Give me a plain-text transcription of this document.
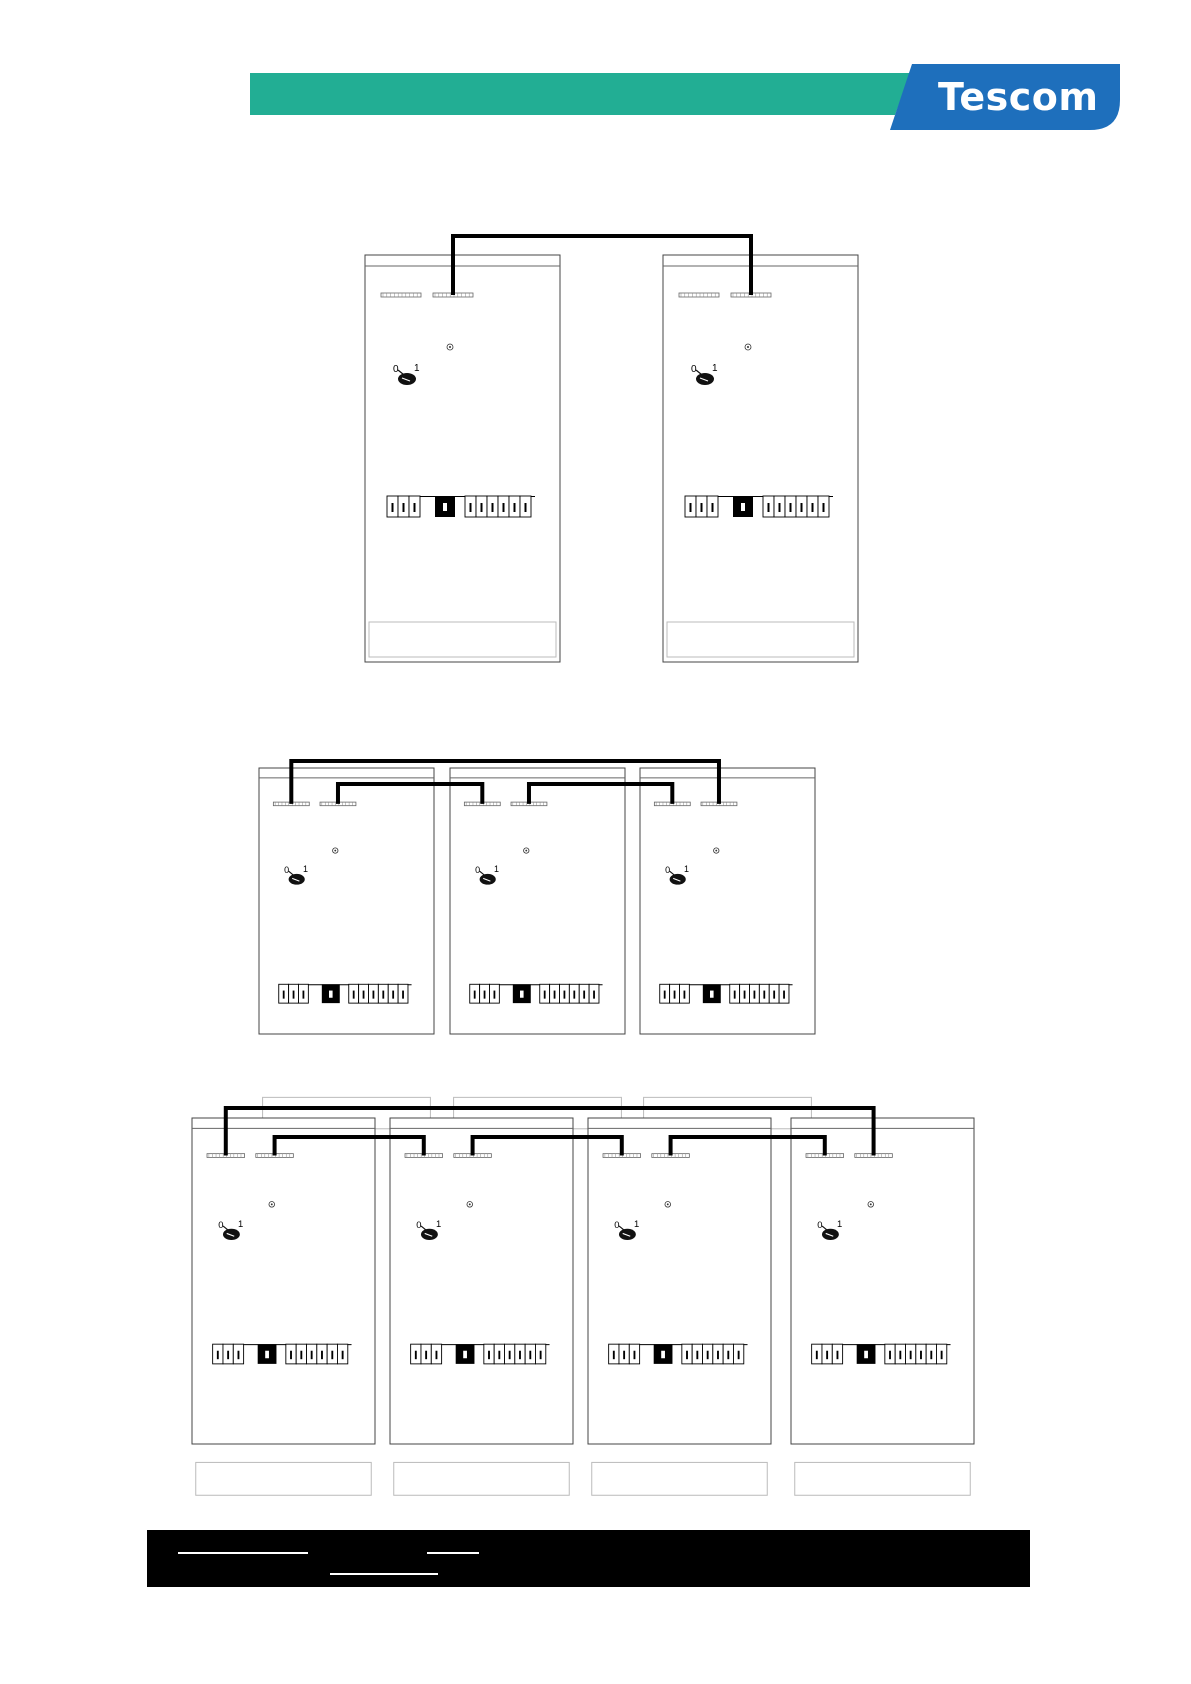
Tescom
0 1	0 1
0 1	0 1	0 1
0 1	0 1	0 1	0 1
